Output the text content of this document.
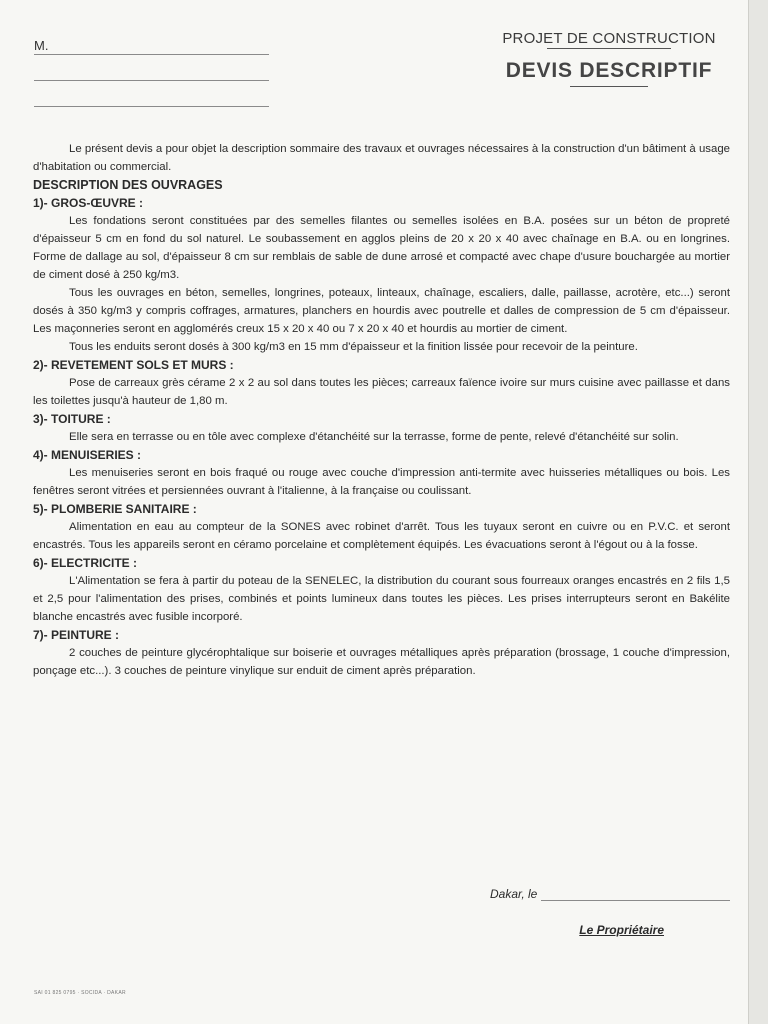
M.	PROJET DE CONSTRUCTION
DEVIS DESCRIPTIF

Le présent devis a pour objet la description sommaire des travaux et ouvrages nécessaires à la construction d'un bâtiment à usage d'habitation ou commercial.

DESCRIPTION DES OUVRAGES

1)- GROS-ŒUVRE :

Les fondations seront constituées par des semelles filantes ou semelles isolées en B.A. posées sur un béton de propreté d'épaisseur 5 cm en fond du sol naturel. Le soubassement en agglos pleins de 20 x 20 x 40 avec chaînage en B.A. ou en longrines. Forme de dallage au sol, d'épaisseur 8 cm sur remblais de sable de dune arrosé et compacté avec chape d'usure bouchargée au mortier de ciment dosé à 250 kg/m3.

Tous les ouvrages en béton, semelles, longrines, poteaux, linteaux, chaînage, escaliers, dalle, paillasse, acrotère, etc...) seront dosés à 350 kg/m3 y compris coffrages, armatures, planchers en hourdis avec poutrelle et dalles de compression de 5 cm d'épaisseur. Les maçonneries seront en agglomérés creux 15 x 20 x 40 ou 7 x 20 x 40 et hourdis au mortier de ciment.

Tous les enduits seront dosés à 300 kg/m3 en 15 mm d'épaisseur et la finition lissée pour recevoir de la peinture.

2)- REVETEMENT SOLS ET MURS :

Pose de carreaux grès cérame 2 x 2 au sol dans toutes les pièces; carreaux faïence ivoire sur murs cuisine avec paillasse et dans les toilettes jusqu'à hauteur de 1,80 m.

3)- TOITURE :

Elle sera en terrasse ou en tôle avec complexe d'étanchéité sur la terrasse, forme de pente, relevé d'étanchéité sur solin.

4)- MENUISERIES :

Les menuiseries seront en bois fraqué ou rouge avec couche d'impression anti-termite avec huisseries métalliques ou bois. Les fenêtres seront vitrées et persiennées ouvrant à l'italienne, à la française ou coulissant.

5)- PLOMBERIE SANITAIRE :

Alimentation en eau au compteur de la SONES avec robinet d'arrêt. Tous les tuyaux seront en cuivre ou en P.V.C. et seront encastrés. Tous les appareils seront en céramo porcelaine et complètement équipés. Les évacuations seront à l'égout ou à la fosse.

6)- ELECTRICITE :

L'Alimentation se fera à partir du poteau de la SENELEC, la distribution du courant sous fourreaux oranges encastrés en 2 fils 1,5 et 2,5 pour l'alimentation des prises, combinés et points lumineux dans toutes les pièces. Les prises interrupteurs seront en Bakélite blanche encastrés avec fusible incorporé.

7)- PEINTURE :

2 couches de peinture glycérophtalique sur boiserie et ouvrages métalliques après préparation (brossage, 1 couche d'impression, ponçage etc...). 3 couches de peinture vinylique sur enduit de ciment après préparation.

Dakar, le
Le Propriétaire
SAI 01 825 0795 · SOCIDA · DAKAR
